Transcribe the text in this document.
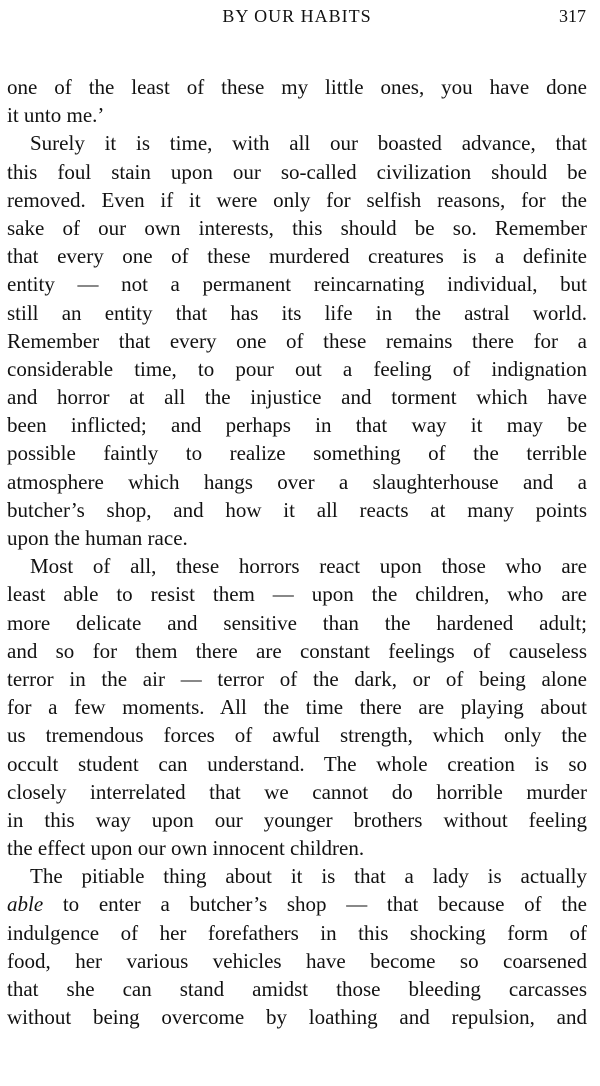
BY OUR HABITS	317
one of the least of these my little ones, you have done
it unto me.’
Surely it is time, with all our boasted advance, that
this foul stain upon our so-called civilization should be
removed. Even if it were only for selfish reasons, for the
sake of our own interests, this should be so. Remember
that every one of these murdered creatures is a definite
entity — not a permanent reincarnating individual, but
still an entity that has its life in the astral world.
Remember that every one of these remains there for a
considerable time, to pour out a feeling of indignation
and horror at all the injustice and torment which have
been inflicted; and perhaps in that way it may be
possible faintly to realize something of the terrible
atmosphere which hangs over a slaughterhouse and a
butcher’s shop, and how it all reacts at many points
upon the human race.
Most of all, these horrors react upon those who are
least able to resist them — upon the children, who are
more delicate and sensitive than the hardened adult;
and so for them there are constant feelings of causeless
terror in the air — terror of the dark, or of being alone
for a few moments. All the time there are playing about
us tremendous forces of awful strength, which only the
occult student can understand. The whole creation is so
closely interrelated that we cannot do horrible murder
in this way upon our younger brothers without feeling
the effect upon our own innocent children.
The pitiable thing about it is that a lady is actually
able to enter a butcher’s shop — that because of the
indulgence of her forefathers in this shocking form of
food, her various vehicles have become so coarsened
that she can stand amidst those bleeding carcasses
without being overcome by loathing and repulsion, and
